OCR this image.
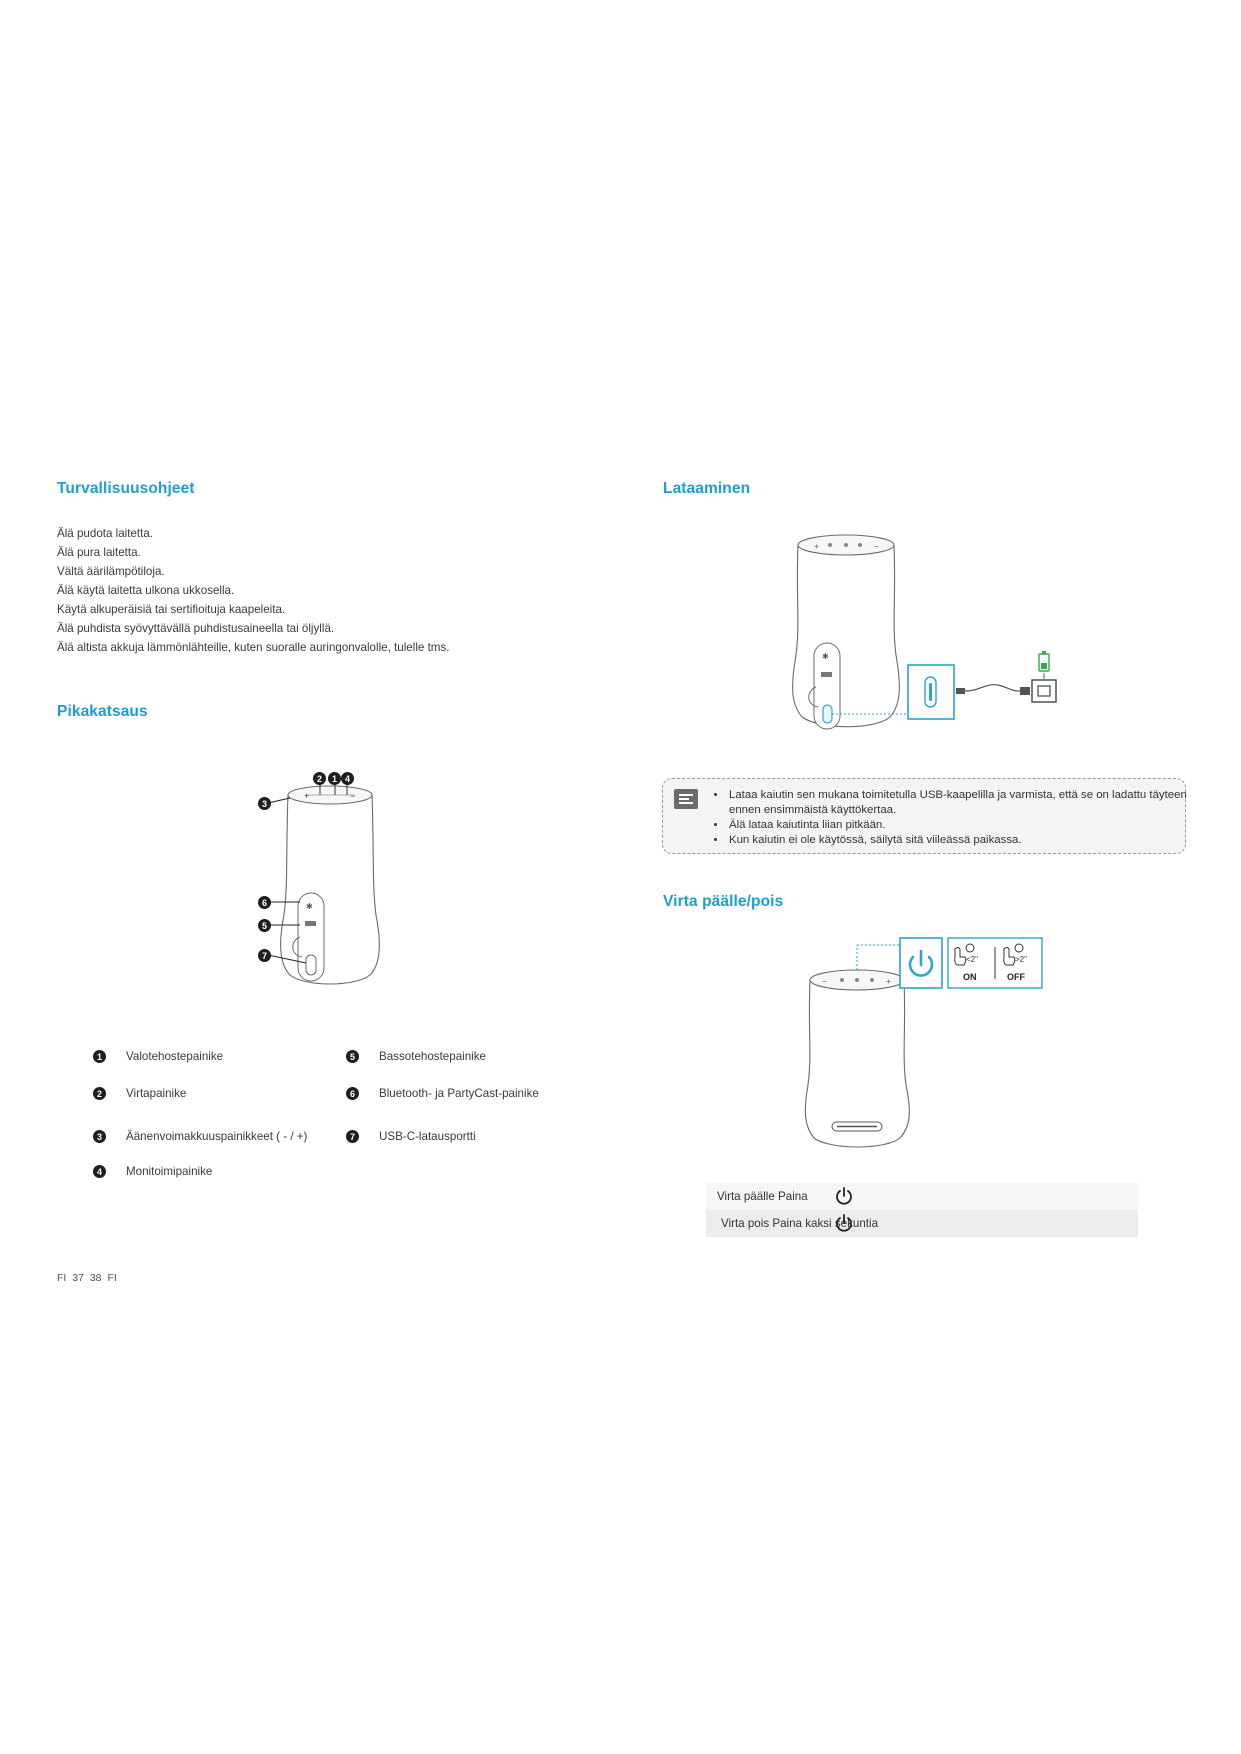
Turvallisuusohjeet
Älä pudota laitetta.
Älä pura laitetta.
Vältä äärilämpötiloja.
Älä käytä laitetta ulkona ukkosella.
Käytä alkuperäisiä tai sertifioituja kaapeleita.
Älä puhdista syövyttävällä puhdistusaineella tai öljyllä.
Älä altista akkuja lämmönlähteille, kuten suoralle auringonvalolle, tulelle tms.
Pikakatsaus
+	−
✱
2	1 4
3
6
5
7
1	Valotehostepainike
2	Virtapainike
3	Äänenvoimakkuuspainikkeet ( - / +)
4	Monitoimipainike
5	Bassotehostepainike
6	Bluetooth- ja PartyCast-painike
7	USB-C-latausportti
FI 37 38 FI
Lataaminen
+	−
✱
• Lataa kaiutin sen mukana toimitetulla USB-kaapelilla ja varmista, että se on ladattu täyteen ennen ensimmäistä käyttökertaa.
• Älä lataa kaiutinta liian pitkään.
• Kun kaiutin ei ole käytössä, säilytä sitä viileässä paikassa.
Virta päälle/pois
−	+
<2"	>2"
ON	OFF
Virta päälle Paina
Virta pois Paina kaksi sekuntia
